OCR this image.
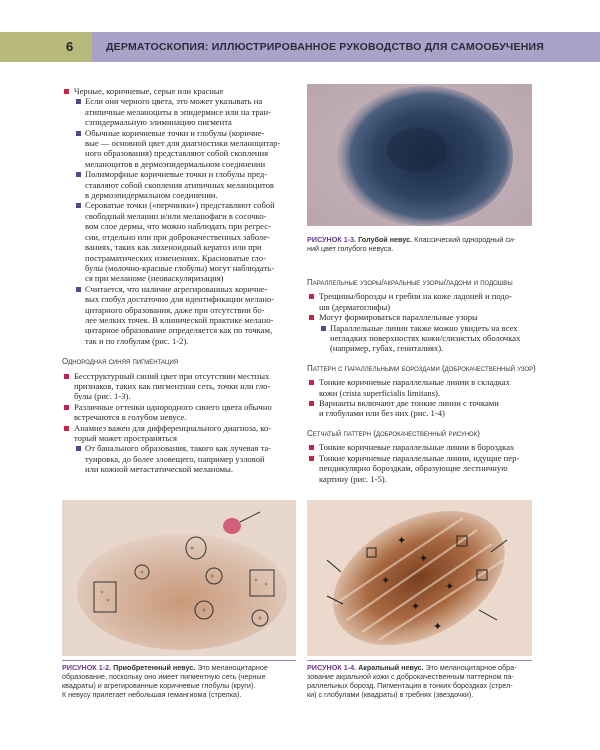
6	ДЕРМАТОСКОПИЯ: ИЛЛЮСТРИРОВАННОЕ РУКОВОДСТВО ДЛЯ САМООБУЧЕНИЯ
Черные, коричневые, серые или красные
Если они черного цвета, это может указывать на
атипичные меланоциты в эпидермисе или на тран-
сэпидермальную элиминацию пигмента
Обычные коричневые точки и глобулы (коричне-
вые — основной цвет для диагностики меланоцитар-
ного образования) представляют собой скопления
меланоцитов в дермоэпидермальном соединении
Полиморфные коричневые точки и глобулы пред-
ставляют собой скопления атипичных меланоцитов
в дермоэпидермальном соединении.
Сероватые точки («перчинки») представляют собой
свободный меланин и/или меланофаги в сосочко-
вом слое дермы, что можно наблюдать при регрес-
сии, отдельно или при доброкачественных заболе-
ваниях, таких как лихеноидный кератоз или при
постраматических изменениях. Красноватые гло-
булы (молочно-красные глобулы) могут наблюдать-
ся при меланоме (неоваскуляризация)
Считается, что наличие агрегированных коричне-
вых глобул достаточно для идентификации мелано-
цитарного образования, даже при отсутствии бо-
лее мелких точек. В клинической практике мелано-
цитарное образование определяется как по точкам,
так и по глобулам (рис. 1-2).
Однородная синяя пигментация
Бесструктурный синий цвет при отсутствии местных
признаков, таких как пигментная сеть, точки или гло-
булы (рис. 1-3).
Различные оттенки однородного синего цвета обычно
встречаются в голубом невусе.
Анамнез важен для дифференциального диагноза, ко-
торый может пространяться
От банального образования, такого как лучевая та-
туировка, до более зловещего, например узловой
или кожной метастатической меланомы.
РИСУНОК 1-3. Голубой невус. Классический однородный си-
ний цвет голубого невуса.
Параллельные узоры/акральные узоры/ладони и подошвы
Трещины/борозды и гребни на коже ладоней и подо-
шв (дерматоглифы)
Могут формироваться параллельные узоры
Параллельные линии также можно увидеть на всех
негладких поверхностях кожи/слизистых оболочках
(например, губах, гениталиях).
Паттерн с параллельными бороздами (доброкачественный узор)
Тонкие коричневые параллельные линии в складках
кожи (crista superficialis limitans).
Варианты включают две тонкие линии с точками
и глобулами или без них (рис. 1-4)
Сетчатый паттерн (доброкачественный рисунок)
Тонкие коричневые параллельные линии в бороздках
Тонкие коричневые параллельные линии, идущие пер-
пендикулярно бороздкам, образующие лестничную
картину (рис. 1-5).
РИСУНОК 1-2. Приобретенный невус. Это меланоцитарное
образование, поскольку оно имеет пигментную сеть (черные
квадраты) и агрегированные коричневые глобулы (круги).
К невусу прилегает небольшая гемангиома (стрелка).
✦
✦
✦
✦
✦
✦
РИСУНОК 1-4. Акральный невус. Это меланоцитарное обра-
зование акральной кожи с доброкачественным паттерном па-
раллельных борозд. Пигментация в тонких бороздках (стрел-
ки) с глобулами (квадраты) в гребнях (звездочки).
